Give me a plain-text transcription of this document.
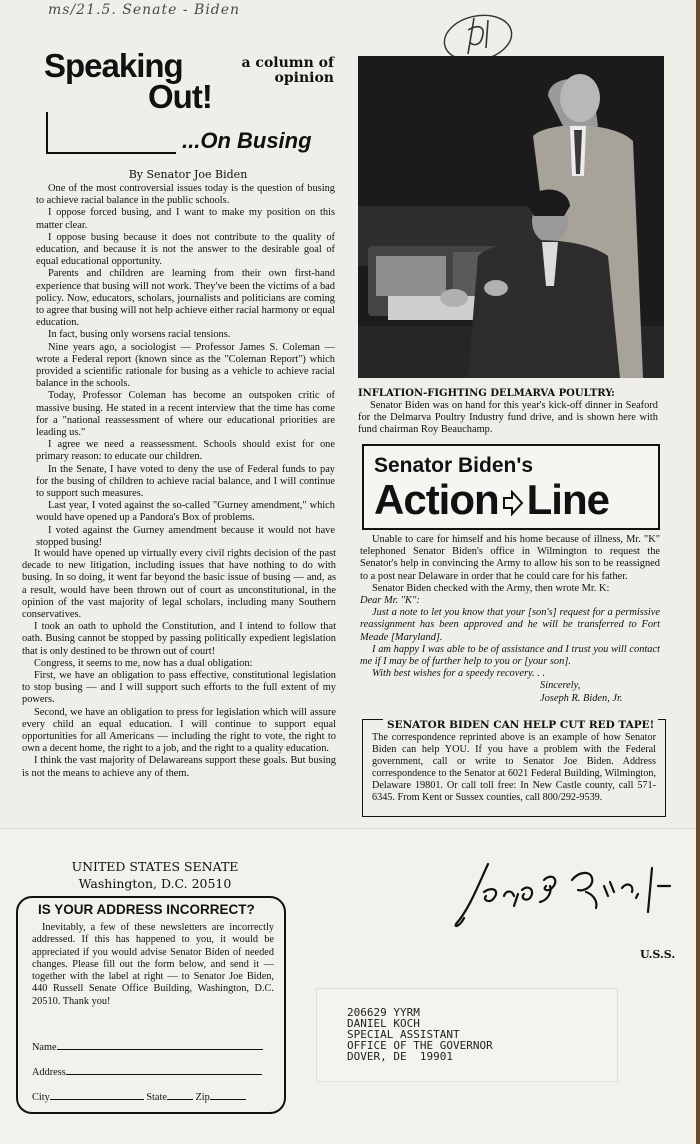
ms/21.5. Senate - Biden
Speaking
Out!
a column of
opinion
...On Busing
By Senator Joe Biden

One of the most controversial issues today is the question of busing to achieve racial balance in the public schools.

I oppose forced busing, and I want to make my position on this matter clear.

I oppose busing because it does not contribute to the quality of education, and because it is not the answer to the desirable goal of equal educational opportunity.

Parents and children are learning from their own first-hand experience that busing will not work. They've been the victims of a bad policy. Now, educators, scholars, journalists and politicians are coming to agree that busing will not help achieve either racial harmony or equal education.

In fact, busing only worsens racial tensions.

Nine years ago, a sociologist — Professor James S. Coleman — wrote a Federal report (known since as the "Coleman Report") which provided a scientific rationale for busing as a vehicle to achieve racial balance in the schools.

Today, Professor Coleman has become an outspoken critic of massive busing. He stated in a recent interview that the time has come for a "national reassessment of where our educational priorities are leading us."

I agree we need a reassessment. Schools should exist for one primary reason: to educate our children.

In the Senate, I have voted to deny the use of Federal funds to pay for the busing of children to achieve racial balance, and I will continue to support such measures.

Last year, I voted against the so-called "Gurney amendment," which would have opened up a Pandora's Box of problems.

I voted against the Gurney amendment because it would not have stopped busing!

It would have opened up virtually every civil rights decision of the past decade to new litigation, including issues that have nothing to do with busing. In so doing, it went far beyond the basic issue of busing — and, as a result, would have been thrown out of court as unconstitutional, in the opinion of the vast majority of legal scholars, including many Southern conservatives.

I took an oath to uphold the Constitution, and I intend to follow that oath. Busing cannot be stopped by passing politically expedient legislation that is only destined to be thrown out of court!

Congress, it seems to me, now has a dual obligation:

First, we have an obligation to pass effective, constitutional legislation to stop busing — and I will support such efforts to the full extent of my powers.

Second, we have an obligation to press for legislation which will assure every child an equal education. I will continue to support equal opportunities for all Americans — including the right to vote, the right to own a decent home, the right to a job, and the right to a quality education.

I think the vast majority of Delawareans support these goals. But busing is not the means to achieve any of them.

INFLATION-FIGHTING DELMARVA POULTRY:

Senator Biden was on hand for this year's kick-off dinner in Seaford for the Delmarva Poultry Industry fund drive, and is shown here with fund chairman Roy Beauchamp.

Senator Biden's
Action Line

Unable to care for himself and his home because of illness, Mr. "K" telephoned Senator Biden's office in Wilmington to request the Senator's help in convincing the Army to allow his son to be reassigned to a post near Delaware in order that he could care for his father.

Senator Biden checked with the Army, then wrote Mr. K:

Dear Mr. "K":

Just a note to let you know that your [son's] request for a permissive reassignment has been approved and he will be transferred to Fort Meade [Maryland].

I am happy I was able to be of assistance and I trust you will contact me if I may be of further help to you or [your son].

With best wishes for a speedy recovery. . .

Sincerely,

Joseph R. Biden, Jr.

SENATOR BIDEN CAN HELP CUT RED TAPE!
The correspondence reprinted above is an example of how Senator Biden can help YOU. If you have a problem with the Federal government, call or write to Senator Joe Biden. Address correspondence to the Senator at 6021 Federal Building, Wilmington, Delaware 19801. Or call toll free: In New Castle county, call 571-6345. From Kent or Sussex counties, call 800/292-9539.
UNITED STATES SENATE
Washington, D.C. 20510
IS YOUR ADDRESS INCORRECT?
Inevitably, a few of these newsletters are incorrectly addressed. If this has happened to you, it would be appreciated if you would advise Senator Biden of needed changes. Please fill out the form below, and send it — together with the label at right — to Senator Joe Biden, 440 Russell Senate Office Building, Washington, D.C. 20510. Thank you!
Name
Address
City	State	Zip
U.S.S.
206629 YYRM
DANIEL KOCH
SPECIAL ASSISTANT
OFFICE OF THE GOVERNOR
DOVER, DE  19901
